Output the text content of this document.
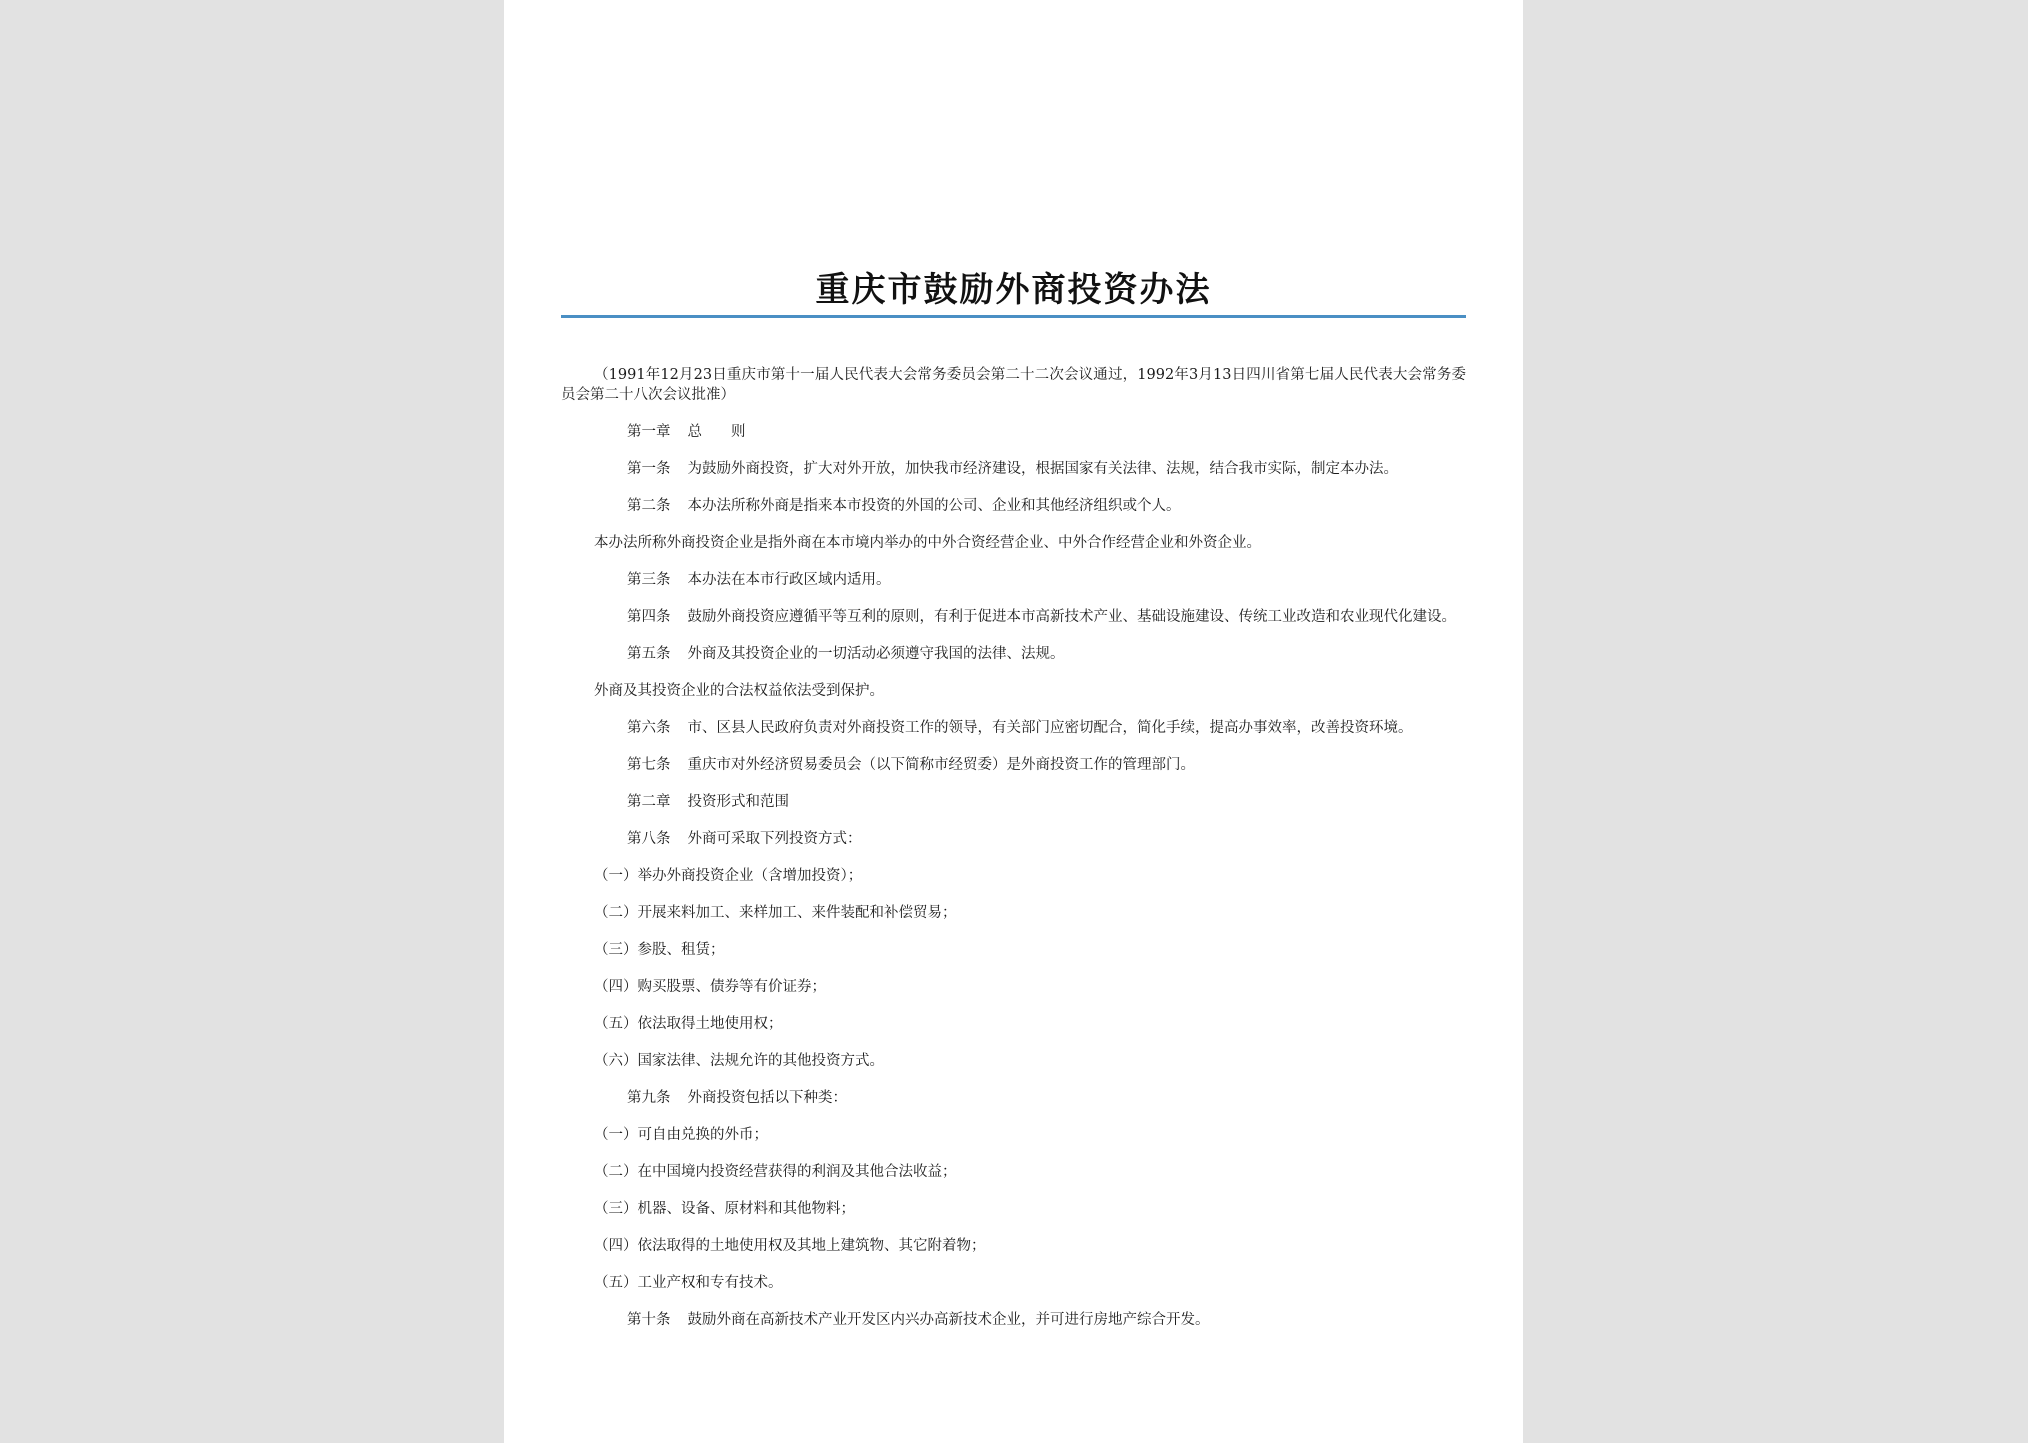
重庆市鼓励外商投资办法

（1991年12月23日重庆市第十一届人民代表大会常务委员会第二十二次会议通过，1992年3月13日四川省第七届人民代表大会常务委员会第二十八次会议批准）

第一章 总　　则

第一条 为鼓励外商投资，扩大对外开放，加快我市经济建设，根据国家有关法律、法规，结合我市实际，制定本办法。

第二条 本办法所称外商是指来本市投资的外国的公司、企业和其他经济组织或个人。

本办法所称外商投资企业是指外商在本市境内举办的中外合资经营企业、中外合作经营企业和外资企业。

第三条 本办法在本市行政区域内适用。

第四条 鼓励外商投资应遵循平等互利的原则，有利于促进本市高新技术产业、基础设施建设、传统工业改造和农业现代化建设。

第五条 外商及其投资企业的一切活动必须遵守我国的法律、法规。

外商及其投资企业的合法权益依法受到保护。

第六条 市、区县人民政府负责对外商投资工作的领导，有关部门应密切配合，简化手续，提高办事效率，改善投资环境。

第七条 重庆市对外经济贸易委员会（以下简称市经贸委）是外商投资工作的管理部门。

第二章 投资形式和范围

第八条 外商可采取下列投资方式：

（一）举办外商投资企业（含增加投资）；

（二）开展来料加工、来样加工、来件装配和补偿贸易；

（三）参股、租赁；

（四）购买股票、债券等有价证券；

（五）依法取得土地使用权；

（六）国家法律、法规允许的其他投资方式。

第九条 外商投资包括以下种类：

（一）可自由兑换的外币；

（二）在中国境内投资经营获得的利润及其他合法收益；

（三）机器、设备、原材料和其他物料；

（四）依法取得的土地使用权及其地上建筑物、其它附着物；

（五）工业产权和专有技术。

第十条 鼓励外商在高新技术产业开发区内兴办高新技术企业，并可进行房地产综合开发。
